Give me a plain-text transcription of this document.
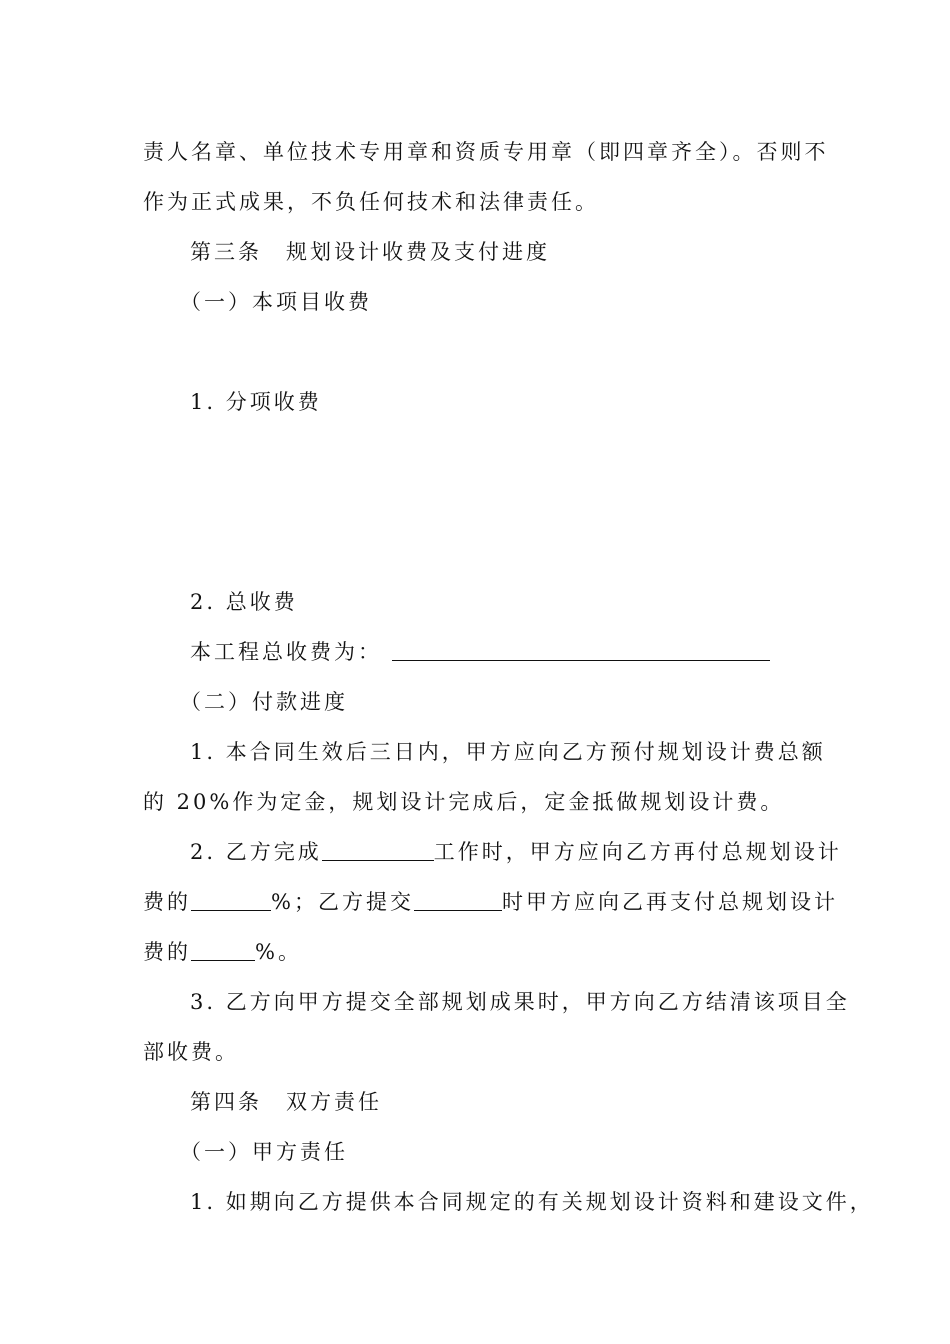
责人名章、单位技术专用章和资质专用章（即四章齐全）。否则不
作为正式成果，不负任何技术和法律责任。
第三条　规划设计收费及支付进度
（一）本项目收费
1. 分项收费
2. 总收费
本工程总收费为：
（二）付款进度
1. 本合同生效后三日内，甲方应向乙方预付规划设计费总额
的 20%作为定金，规划设计完成后，定金抵做规划设计费。
2. 乙方完成	工作时，甲方应向乙方再付总规划设计
费的	%；乙方提交	时甲方应向乙再支付总规划设计
费的	%。
3. 乙方向甲方提交全部规划成果时，甲方向乙方结清该项目全
部收费。
第四条　双方责任
（一）甲方责任
1. 如期向乙方提供本合同规定的有关规划设计资料和建设文件，
